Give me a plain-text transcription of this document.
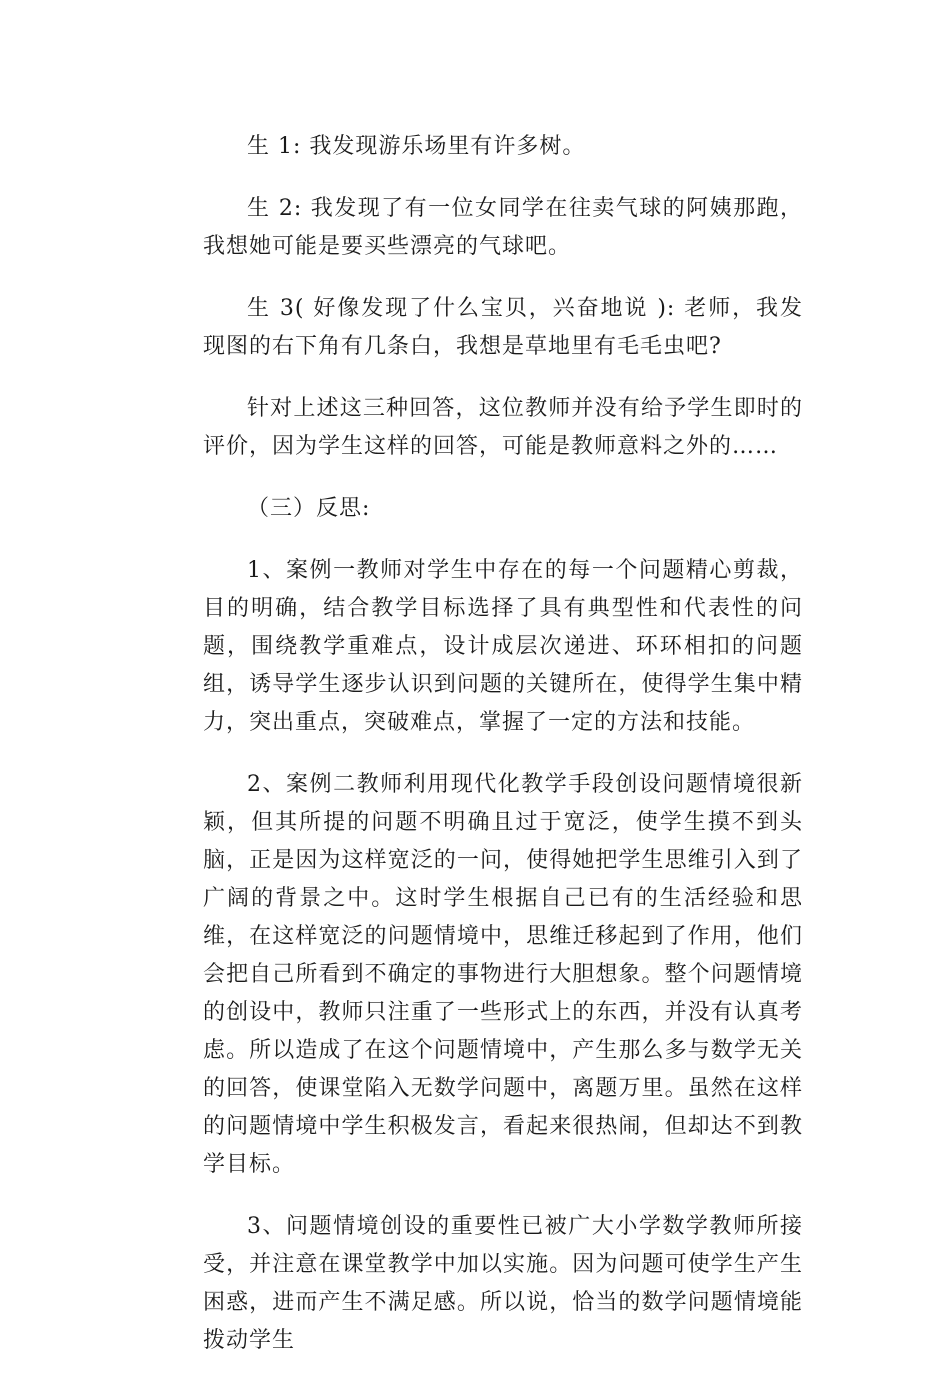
生 1: 我发现游乐场里有许多树。

生 2: 我发现了有一位女同学在往卖气球的阿姨那跑，我想她可能是要买些漂亮的气球吧。

生 3( 好像发现了什么宝贝，兴奋地说 ): 老师，我发现图的右下角有几条白，我想是草地里有毛毛虫吧?

针对上述这三种回答，这位教师并没有给予学生即时的评价，因为学生这样的回答，可能是教师意料之外的……

（三）反思:

1、案例一教师对学生中存在的每一个问题精心剪裁，目的明确，结合教学目标选择了具有典型性和代表性的问题，围绕教学重难点，设计成层次递进、环环相扣的问题组，诱导学生逐步认识到问题的关键所在，使得学生集中精力，突出重点，突破难点，掌握了一定的方法和技能。

2、案例二教师利用现代化教学手段创设问题情境很新颖，但其所提的问题不明确且过于宽泛，使学生摸不到头脑，正是因为这样宽泛的一问，使得她把学生思维引入到了广阔的背景之中。这时学生根据自己已有的生活经验和思维，在这样宽泛的问题情境中，思维迁移起到了作用，他们会把自己所看到不确定的事物进行大胆想象。整个问题情境的创设中，教师只注重了一些形式上的东西，并没有认真考虑。所以造成了在这个问题情境中，产生那么多与数学无关的回答，使课堂陷入无数学问题中，离题万里。虽然在这样的问题情境中学生积极发言，看起来很热闹，但却达不到教学目标。

3、问题情境创设的重要性已被广大小学数学教师所接受，并注意在课堂教学中加以实施。因为问题可使学生产生困惑，进而产生不满足感。所以说，恰当的数学问题情境能拨动学生
